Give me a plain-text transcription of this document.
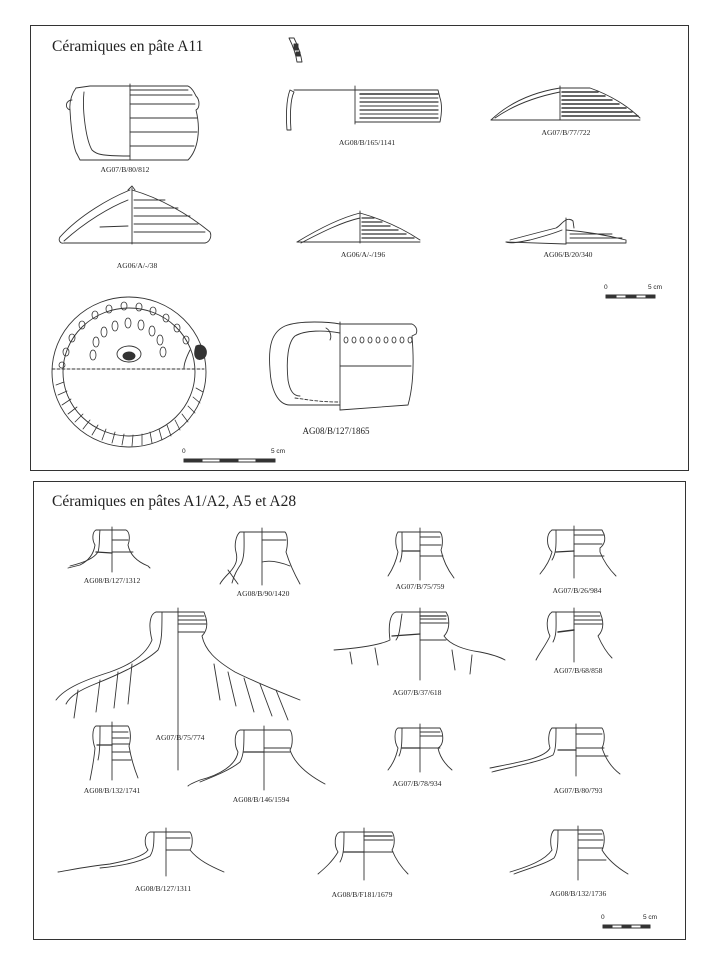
Céramiques en pâte A11
Céramiques en pâtes A1/A2, A5 et A28
AG07/B/80/812
AG08/B/165/1141
AG07/B/77/722
AG06/A/-/38
AG06/A/-/196	AG06/B/20/340
AG08/B/127/1865
0	5 cm
0	5 cm
AG08/B/127/1312
AG08/B/90/1420
AG07/B/75/759	AG07/B/26/984
AG07/B/75/774
AG07/B/37/618
AG07/B/68/858
AG08/B/132/1741
AG08/B/146/1594
AG07/B/78/934
AG07/B/80/793
AG08/B/127/1311
AG08/B/F181/1679	AG08/B/132/1736
0	5 cm
